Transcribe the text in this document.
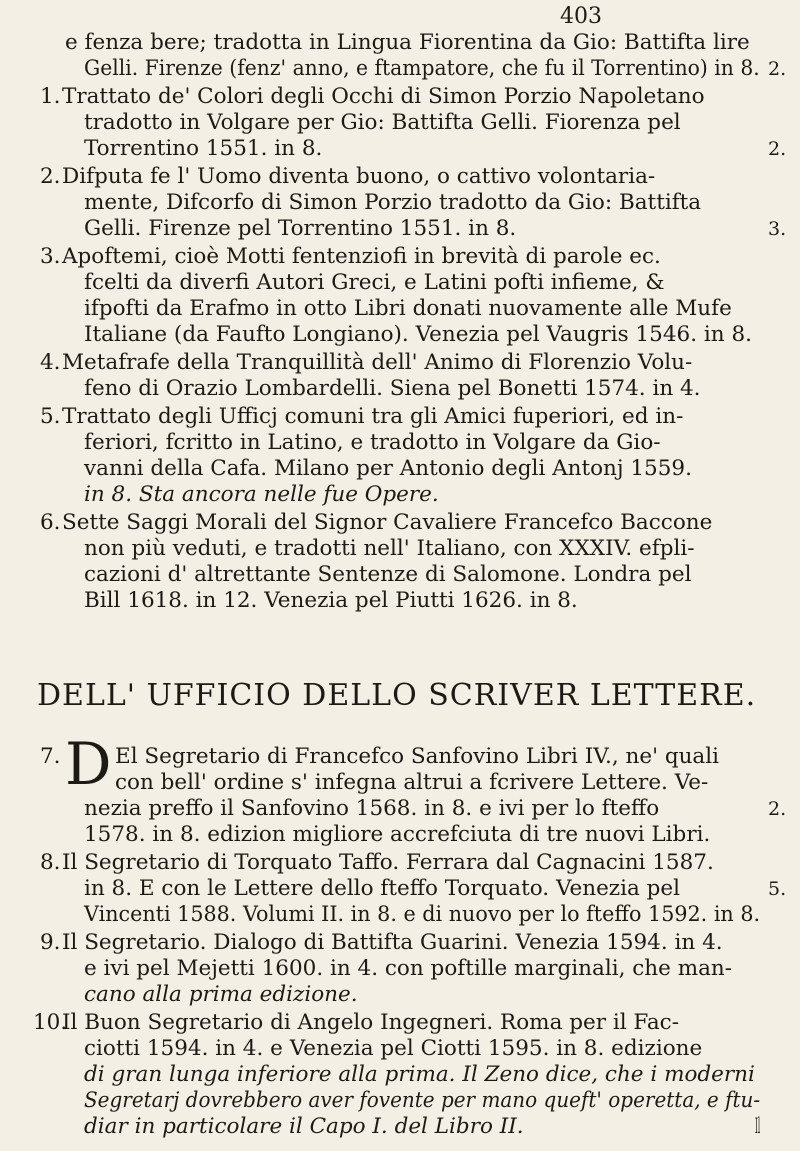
403
e fenza bere; tradotta in Lingua Fiorentina da Gio: Battifta lire
Gelli. Firenze (fenz' anno, e ftampatore, che fu il Torrentino) in 8. 2.
1. Trattato de' Colori degli Occhi di Simon Porzio Napoletano
tradotto in Volgare per Gio: Battifta Gelli. Fiorenza pel
Torrentino 1551. in 8.	2.
2. Difputa fe l' Uomo diventa buono, o cattivo volontaria-
mente, Difcorfo di Simon Porzio tradotto da Gio: Battifta
Gelli. Firenze pel Torrentino 1551. in 8.	3.
3. Apoftemi, cioè Motti fentenziofi in brevità di parole ec.
fcelti da diverfi Autori Greci, e Latini pofti infieme, &
ifpofti da Erafmo in otto Libri donati nuovamente alle Mufe
Italiane (da Faufto Longiano). Venezia pel Vaugris 1546. in 8.
4. Metafrafe della Tranquillità dell' Animo di Florenzio Volu-
feno di Orazio Lombardelli. Siena pel Bonetti 1574. in 4.
5. Trattato degli Ufficj comuni tra gli Amici fuperiori, ed in-
feriori, fcritto in Latino, e tradotto in Volgare da Gio-
vanni della Cafa. Milano per Antonio degli Antonj 1559.
in 8. Sta ancora nelle fue Opere.
6. Sette Saggi Morali del Signor Cavaliere Francefco Baccone
non più veduti, e tradotti nell' Italiano, con XXXIV. efpli-
cazioni d' altrettante Sentenze di Salomone. Londra pel
Bill 1618. in 12. Venezia pel Piutti 1626. in 8.
DELL' UFFICIO DELLO SCRIVER LETTERE.
7. D El Segretario di Francefco Sanfovino Libri IV., ne' quali
con bell' ordine s' infegna altrui a fcrivere Lettere. Ve-
nezia preffo il Sanfovino 1568. in 8. e ivi per lo fteffo	2.
1578. in 8. edizion migliore accrefciuta di tre nuovi Libri.
8. Il Segretario di Torquato Taffo. Ferrara dal Cagnacini 1587.
in 8. E con le Lettere dello fteffo Torquato. Venezia pel	5.
Vincenti 1588. Volumi II. in 8. e di nuovo per lo fteffo 1592. in 8.
9. Il Segretario. Dialogo di Battifta Guarini. Venezia 1594. in 4.
e ivi pel Mejetti 1600. in 4. con poftille marginali, che man-
cano alla prima edizione.
10.
Il Buon Segretario di Angelo Ingegneri. Roma per il Fac-
ciotti 1594. in 4. e Venezia pel Ciotti 1595. in 8. edizione
di gran lunga inferiore alla prima. Il Zeno dice, che i moderni
Segretarj dovrebbero aver fovente per mano queft' operetta, e ftu-
diar in particolare il Capo I. del Libro II.	Il
